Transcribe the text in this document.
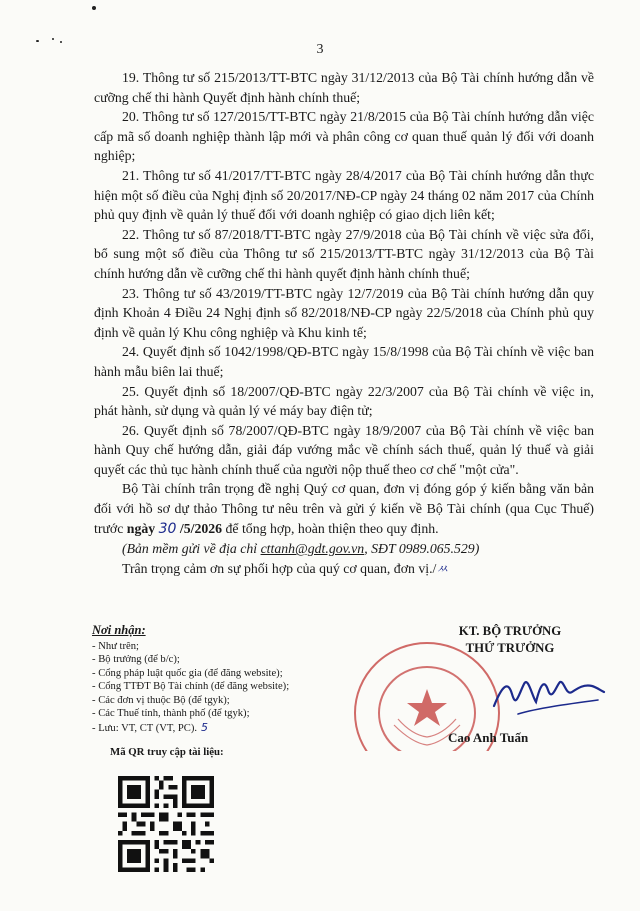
3

19. Thông tư số 215/2013/TT-BTC ngày 31/12/2013 của Bộ Tài chính hướng dẫn về cưỡng chế thi hành Quyết định hành chính thuế;

20. Thông tư số 127/2015/TT-BTC ngày 21/8/2015 của Bộ Tài chính hướng dẫn việc cấp mã số doanh nghiệp thành lập mới và phân công cơ quan thuế quản lý đối với doanh nghiệp;

21. Thông tư số 41/2017/TT-BTC ngày 28/4/2017 của Bộ Tài chính hướng dẫn thực hiện một số điều của Nghị định số 20/2017/NĐ-CP ngày 24 tháng 02 năm 2017 của Chính phủ quy định về quản lý thuế đối với doanh nghiệp có giao dịch liên kết;

22. Thông tư số 87/2018/TT-BTC ngày 27/9/2018 của Bộ Tài chính về việc sửa đổi, bổ sung một số điều của Thông tư số 215/2013/TT-BTC ngày 31/12/2013 của Bộ Tài chính hướng dẫn về cưỡng chế thi hành quyết định hành chính thuế;

23. Thông tư số 43/2019/TT-BTC ngày 12/7/2019 của Bộ Tài chính hướng dẫn quy định Khoản 4 Điều 24 Nghị định số 82/2018/NĐ-CP ngày 22/5/2018 của Chính phủ quy định về quản lý Khu công nghiệp và Khu kinh tế;

24. Quyết định số 1042/1998/QĐ-BTC ngày 15/8/1998 của Bộ Tài chính về việc ban hành mẫu biên lai thuế;

25. Quyết định số 18/2007/QĐ-BTC ngày 22/3/2007 của Bộ Tài chính về việc in, phát hành, sử dụng và quản lý vé máy bay điện tử;

26. Quyết định số 78/2007/QĐ-BTC ngày 18/9/2007 của Bộ Tài chính về việc ban hành Quy chế hướng dẫn, giải đáp vướng mắc về chính sách thuế, quản lý thuế và giải quyết các thủ tục hành chính thuế của người nộp thuế theo cơ chế "một cửa".

Bộ Tài chính trân trọng đề nghị Quý cơ quan, đơn vị đóng góp ý kiến bằng văn bản đối với hồ sơ dự thảo Thông tư nêu trên và gửi ý kiến về Bộ Tài chính (qua Cục Thuế) trước ngày 30 /5/2026 để tổng hợp, hoàn thiện theo quy định.

(Bản mềm gửi về địa chỉ cttanh@gdt.gov.vn, SĐT 0989.065.529)

Trân trọng cảm ơn sự phối hợp của quý cơ quan, đơn vị./ㅆ

Nơi nhận:
- Như trên;
- Bộ trưởng (để b/c);
- Cổng pháp luật quốc gia (để đăng website);
- Cổng TTĐT Bộ Tài chính (để đăng website);
- Các đơn vị thuộc Bộ (để tgyk);
- Các Thuế tỉnh, thành phố (để tgyk);
- Lưu: VT, CT (VT, PC). 5
Mã QR truy cập tài liệu:
KT. BỘ TRƯỞNG
THỨ TRƯỞNG
Cao Anh Tuấn
